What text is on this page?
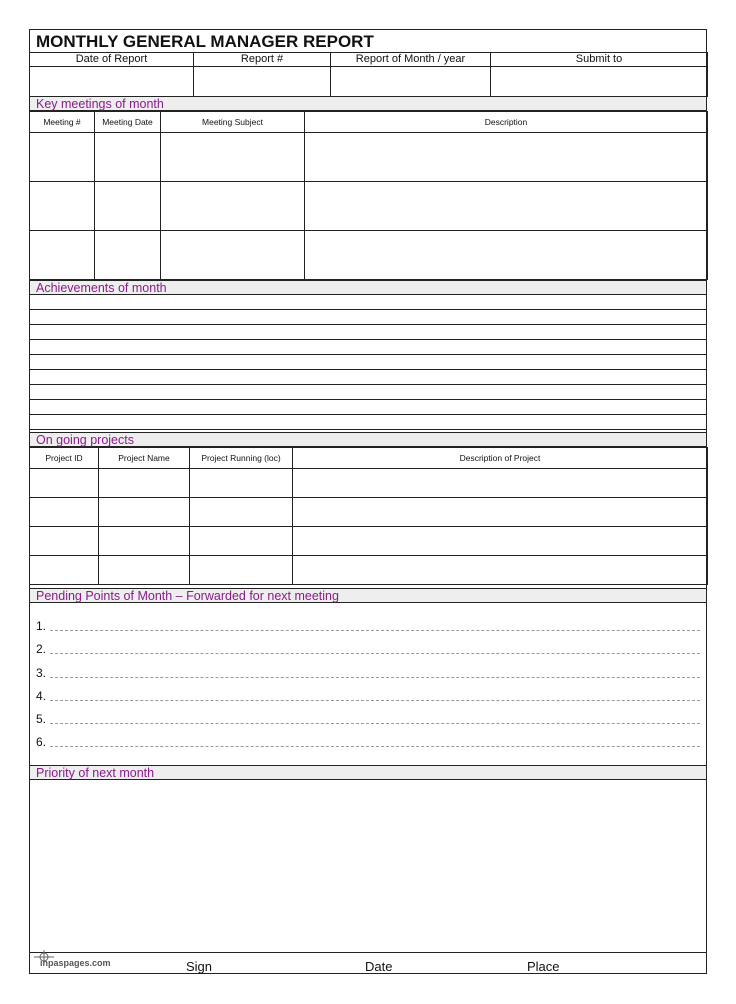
MONTHLY GENERAL MANAGER REPORT
Date of Report	Report #	Report of Month / year	Submit to

Key meetings of month
Meeting #	Meeting Date	Meeting Subject	Description

Achievements of month
On going projects
Project ID	Project Name	Project Running (loc)	Description of Project

Pending Points of Month – Forwarded for next meeting
1.
2.
3.
4.
5.
6.
Priority of next month
inpaspages.com	Sign	Date	Place
